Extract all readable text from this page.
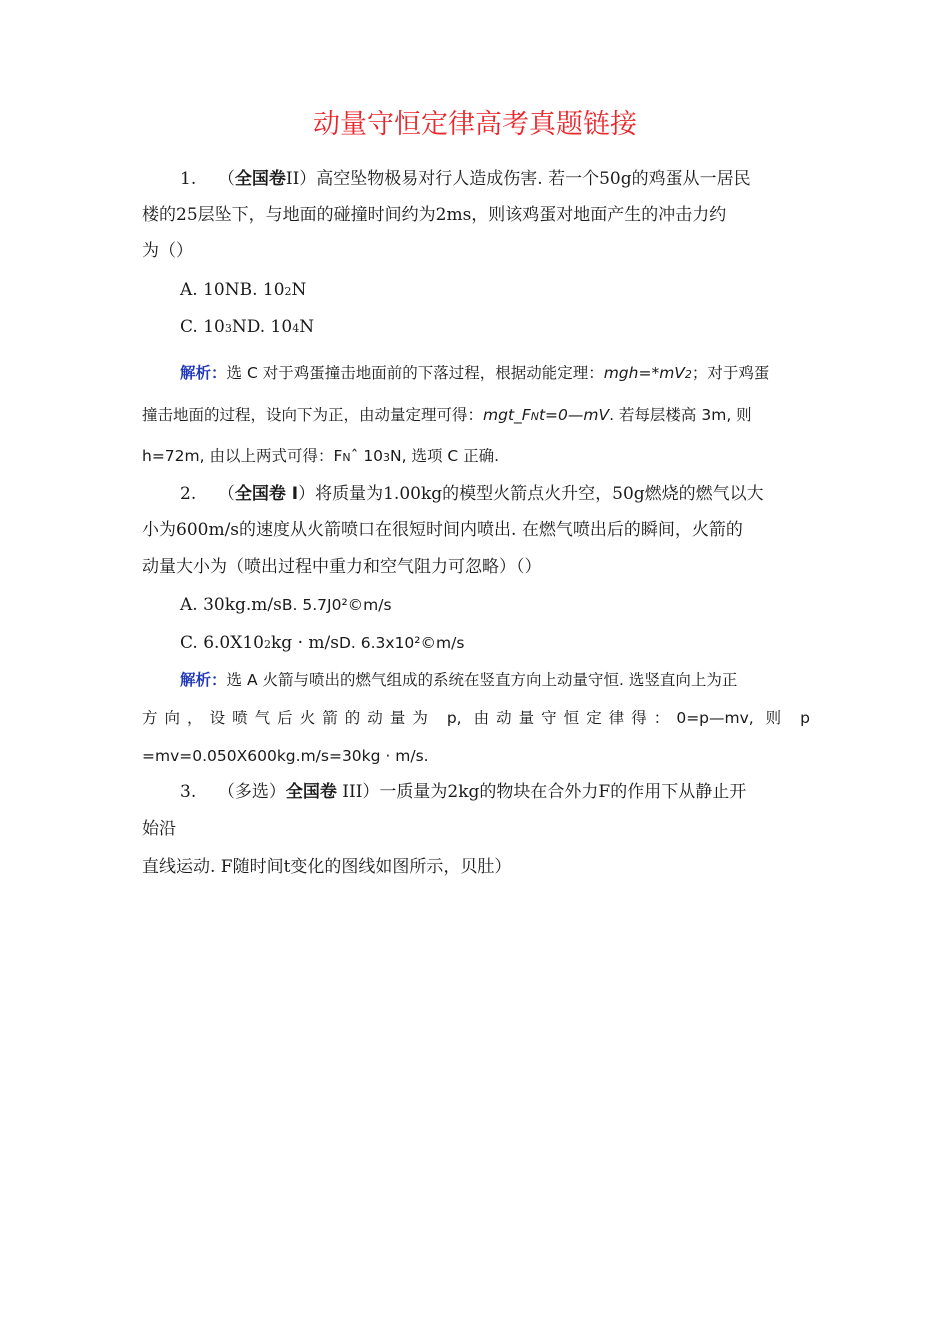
动量守恒定律高考真题链接
1. （全国卷II）高空坠物极易对行人造成伤害. 若一个50g的鸡蛋从一居民
楼的25层坠下，与地面的碰撞时间约为2ms，则该鸡蛋对地面产生的冲击力约
为（）
A. 10NB. 102N
C. 103ND. 104N
解析：选 C 对于鸡蛋撞击地面前的下落过程，根据动能定理：mgh=*mV2；对于鸡蛋
撞击地面的过程，设向下为正，由动量定理可得：mgt_FNt=0—mV. 若每层楼高 3m, 则
h=72m, 由以上两式可得：FNˆ 103N, 选项 C 正确.
2. （全国卷 I）将质量为1.00kg的模型火箭点火升空，50g燃烧的燃气以大
小为600m/s的速度从火箭喷口在很短时间内喷出. 在燃气喷出后的瞬间，火箭的
动量大小为（喷出过程中重力和空气阻力可忽略）（）
A. 30kg.m/sB. 5.7J0²©m/s
C. 6.0X102kg · m/sD. 6.3x10²©m/s
解析：选 A 火箭与喷出的燃气组成的系统在竖直方向上动量守恒. 选竖直向上为正
方向，设喷气后火箭的动量为 p, 由动量守恒定律得：0=p—mv, 则 p
=mv=0.050X600kg.m/s=30kg · m/s.
3. （多选）全国卷 III）一质量为2kg的物块在合外力F的作用下从静止开
始沿
直线运动. F随时间t变化的图线如图所示，贝肚）
